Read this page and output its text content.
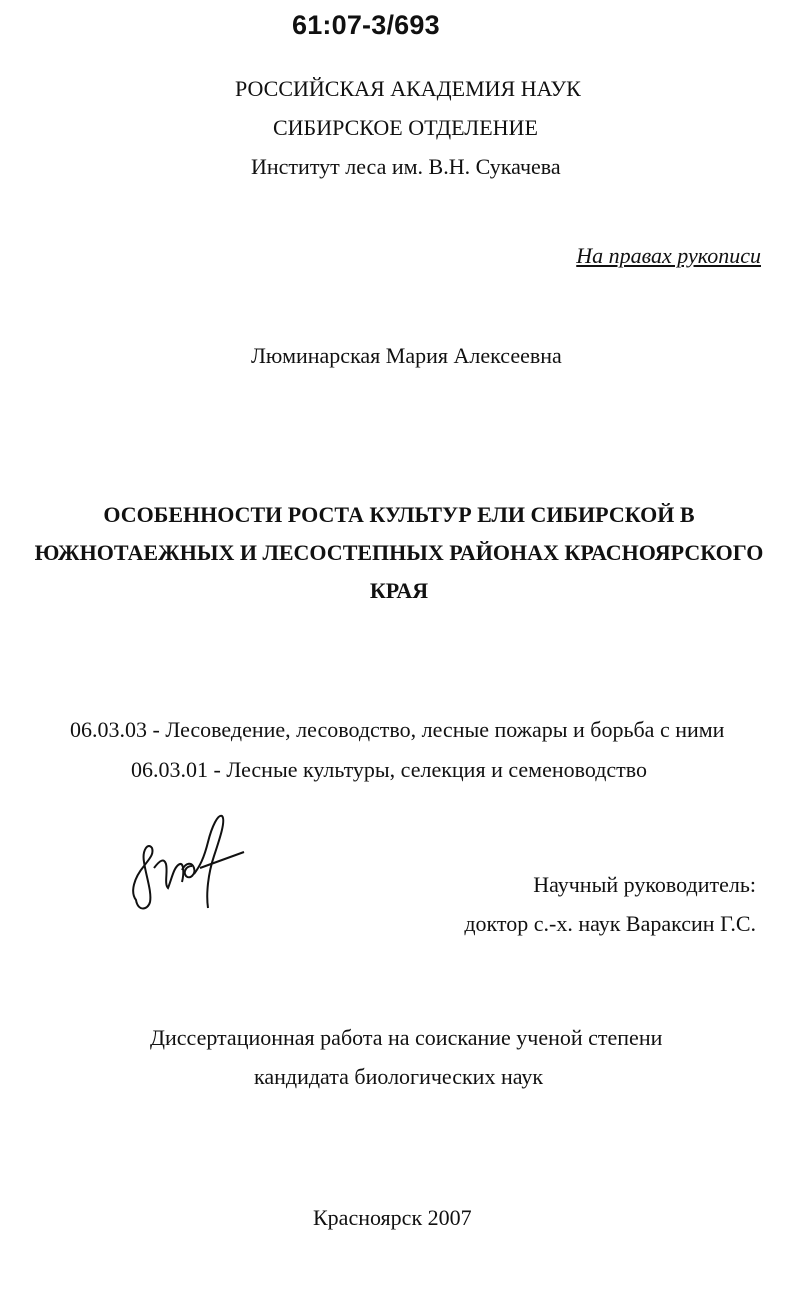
61:07-3/693
РОССИЙСКАЯ АКАДЕМИЯ НАУК
СИБИРСКОЕ ОТДЕЛЕНИЕ
Институт леса им. В.Н. Сукачева
На правах рукописи
Люминарская Мария Алексеевна
ОСОБЕННОСТИ РОСТА КУЛЬТУР ЕЛИ СИБИРСКОЙ В
ЮЖНОТАЕЖНЫХ И ЛЕСОСТЕПНЫХ РАЙОНАХ КРАСНОЯРСКОГО
КРАЯ
06.03.03 - Лесоведение, лесоводство, лесные пожары и борьба с ними
06.03.01 - Лесные культуры, селекция и семеноводство
Научный руководитель:
доктор с.-х. наук Вараксин Г.С.
Диссертационная работа на соискание ученой степени
кандидата биологических наук
Красноярск 2007
